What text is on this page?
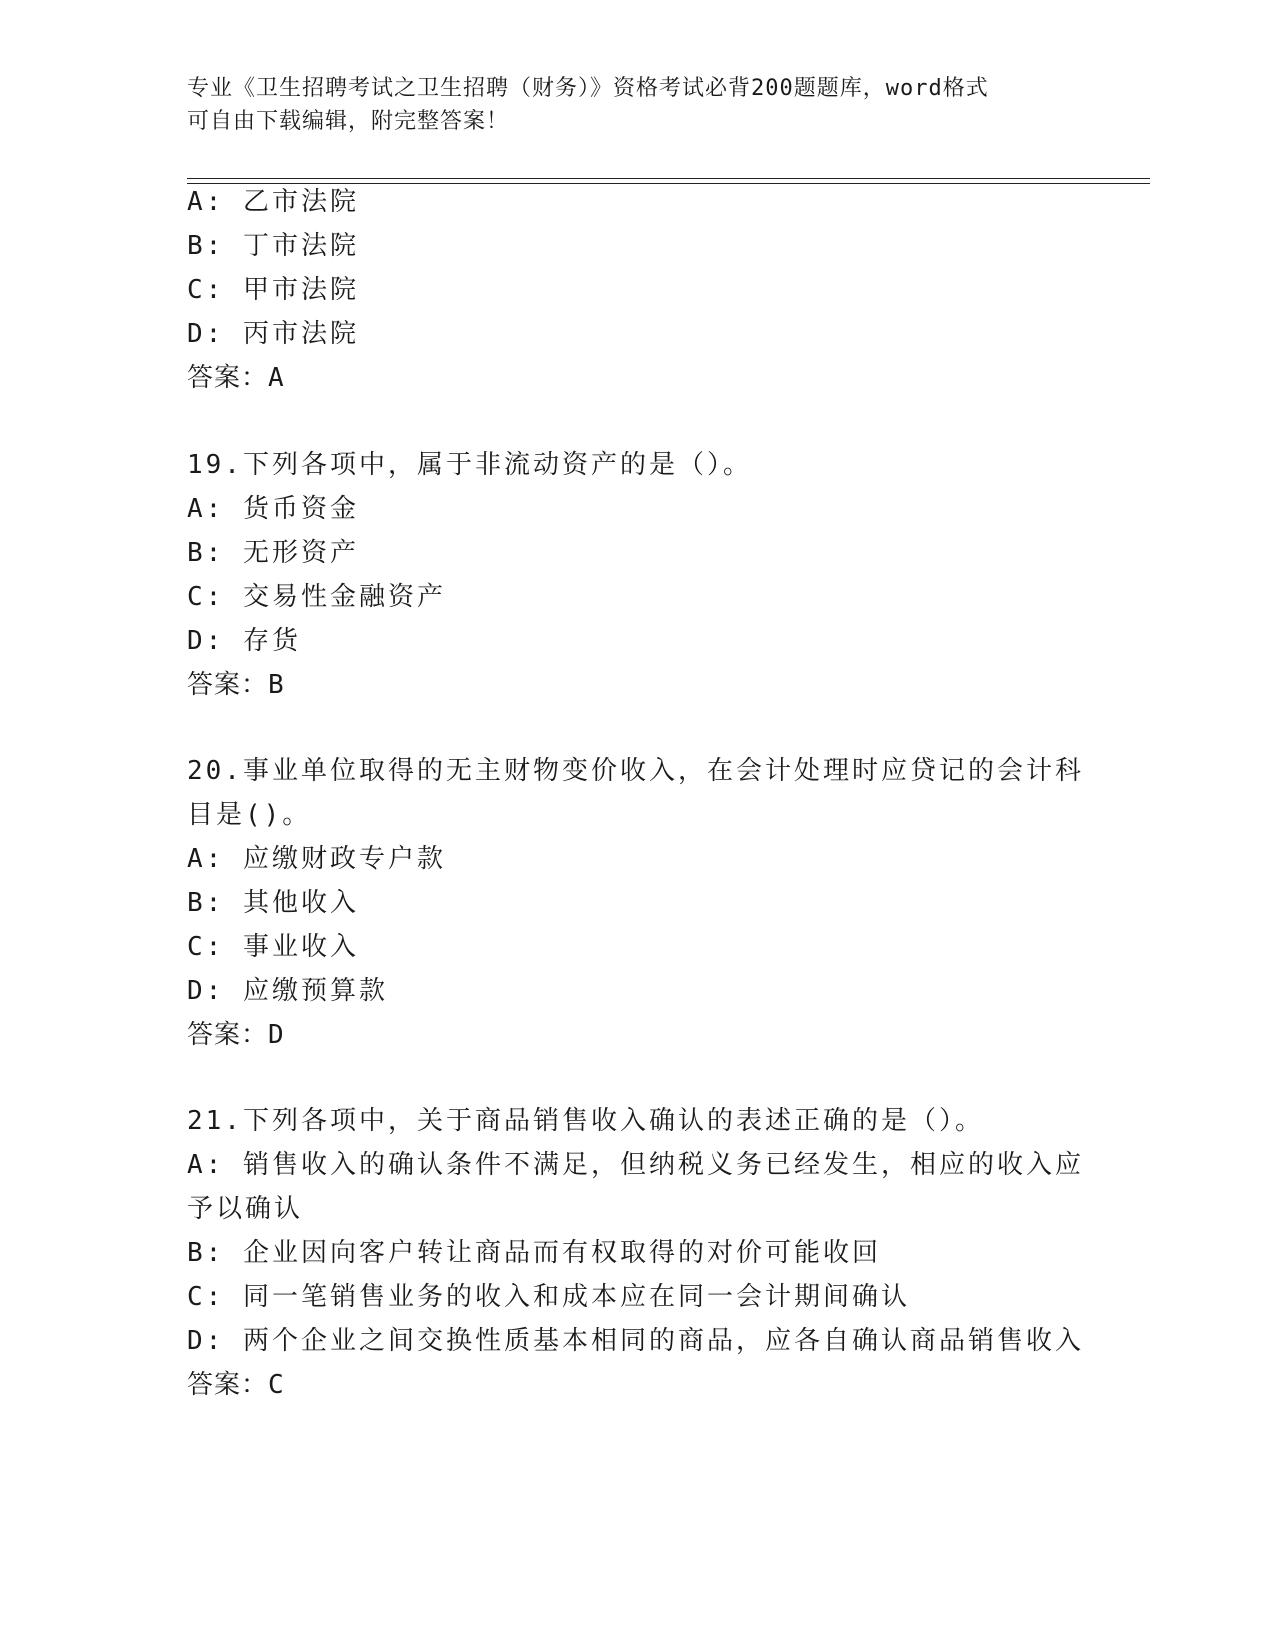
专业《卫生招聘考试之卫生招聘（财务）》资格考试必背200题题库，word格式
可自由下载编辑，附完整答案！
A: 乙市法院
B: 丁市法院
C: 甲市法院
D: 丙市法院
答案：A
19.下列各项中，属于非流动资产的是（）。
A: 货币资金
B: 无形资产
C: 交易性金融资产
D: 存货
答案：B
20.事业单位取得的无主财物变价收入，在会计处理时应贷记的会计科
目是()。
A: 应缴财政专户款
B: 其他收入
C: 事业收入
D: 应缴预算款
答案：D
21.下列各项中，关于商品销售收入确认的表述正确的是（）。
A: 销售收入的确认条件不满足，但纳税义务已经发生，相应的收入应
予以确认
B: 企业因向客户转让商品而有权取得的对价可能收回
C: 同一笔销售业务的收入和成本应在同一会计期间确认
D: 两个企业之间交换性质基本相同的商品，应各自确认商品销售收入
答案：C
